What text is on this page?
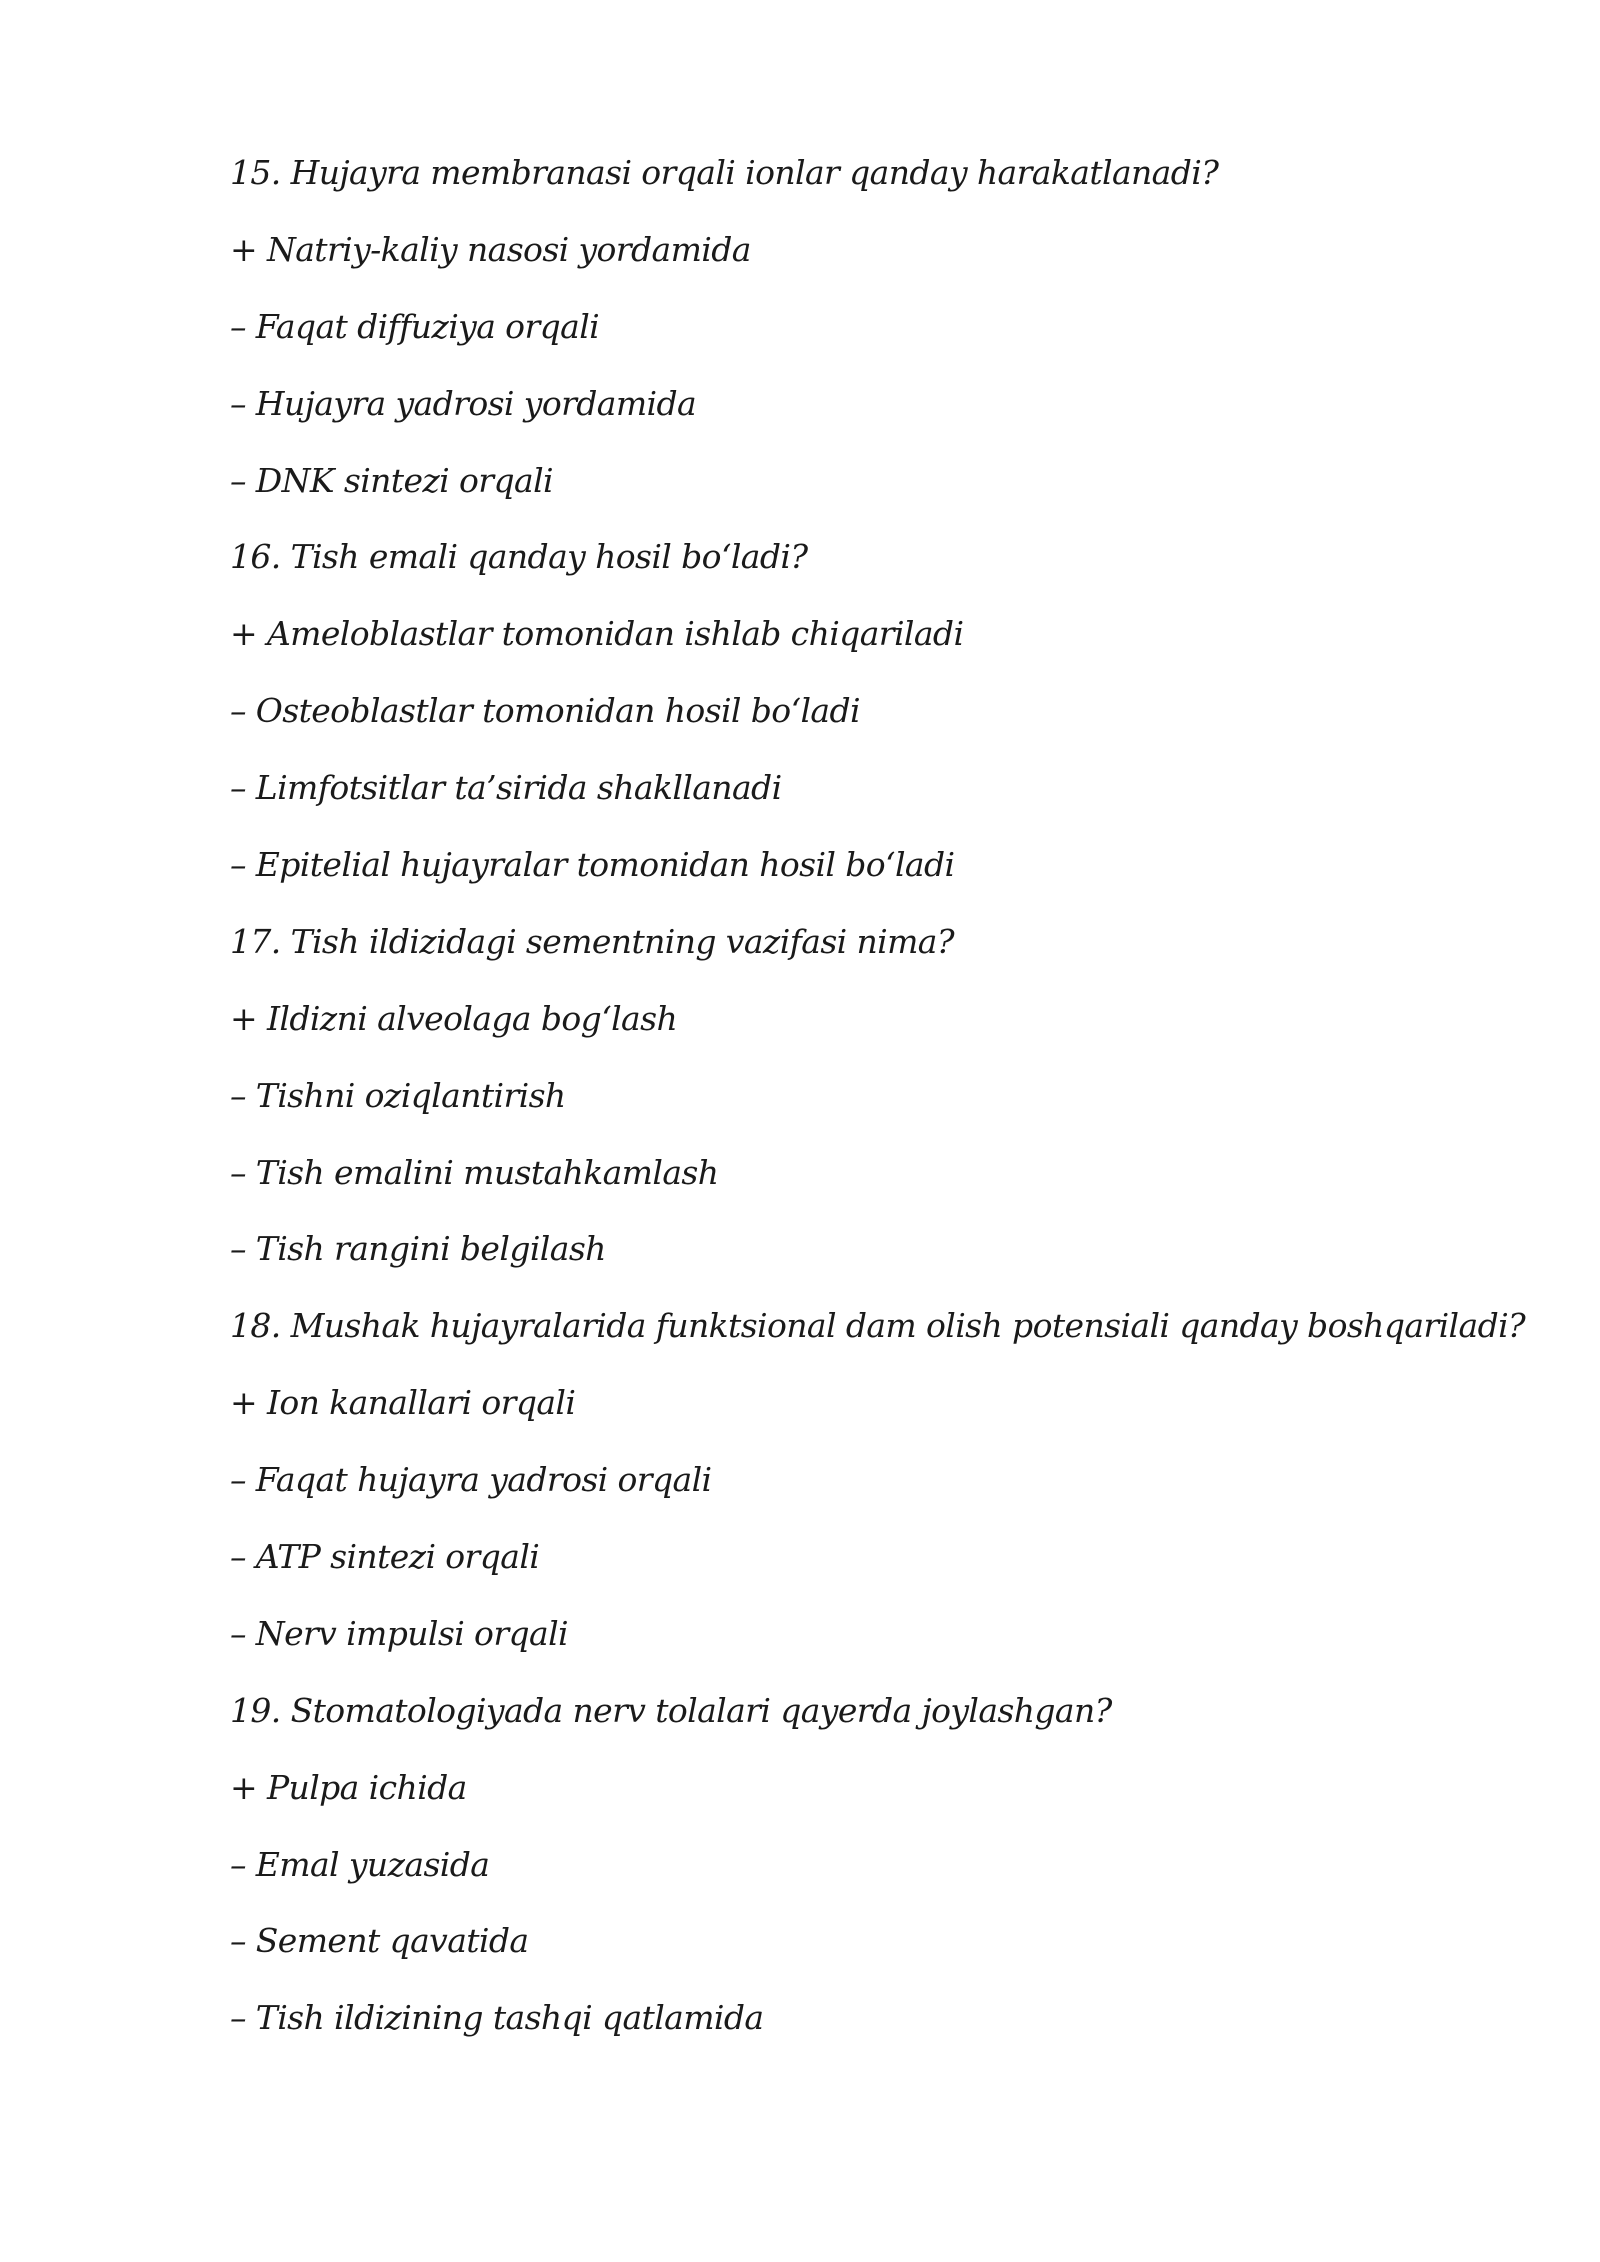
15. Hujayra membranasi orqali ionlar qanday harakatlanadi?
+ Natriy-kaliy nasosi yordamida
– Faqat diffuziya orqali
– Hujayra yadrosi yordamida
– DNK sintezi orqali
16. Tish emali qanday hosil boʻladi?
+ Ameloblastlar tomonidan ishlab chiqariladi
– Osteoblastlar tomonidan hosil boʻladi
– Limfotsitlar ta’sirida shakllanadi
– Epitelial hujayralar tomonidan hosil boʻladi
17. Tish ildizidagi sementning vazifasi nima?
+ Ildizni alveolaga bogʻlash
– Tishni oziqlantirish
– Tish emalini mustahkamlash
– Tish rangini belgilash
18. Mushak hujayralarida funktsional dam olish potensiali qanday boshqariladi?
+ Ion kanallari orqali
– Faqat hujayra yadrosi orqali
– ATP sintezi orqali
– Nerv impulsi orqali
19. Stomatologiyada nerv tolalari qayerda joylashgan?
+ Pulpa ichida
– Emal yuzasida
– Sement qavatida
– Tish ildizining tashqi qatlamida
